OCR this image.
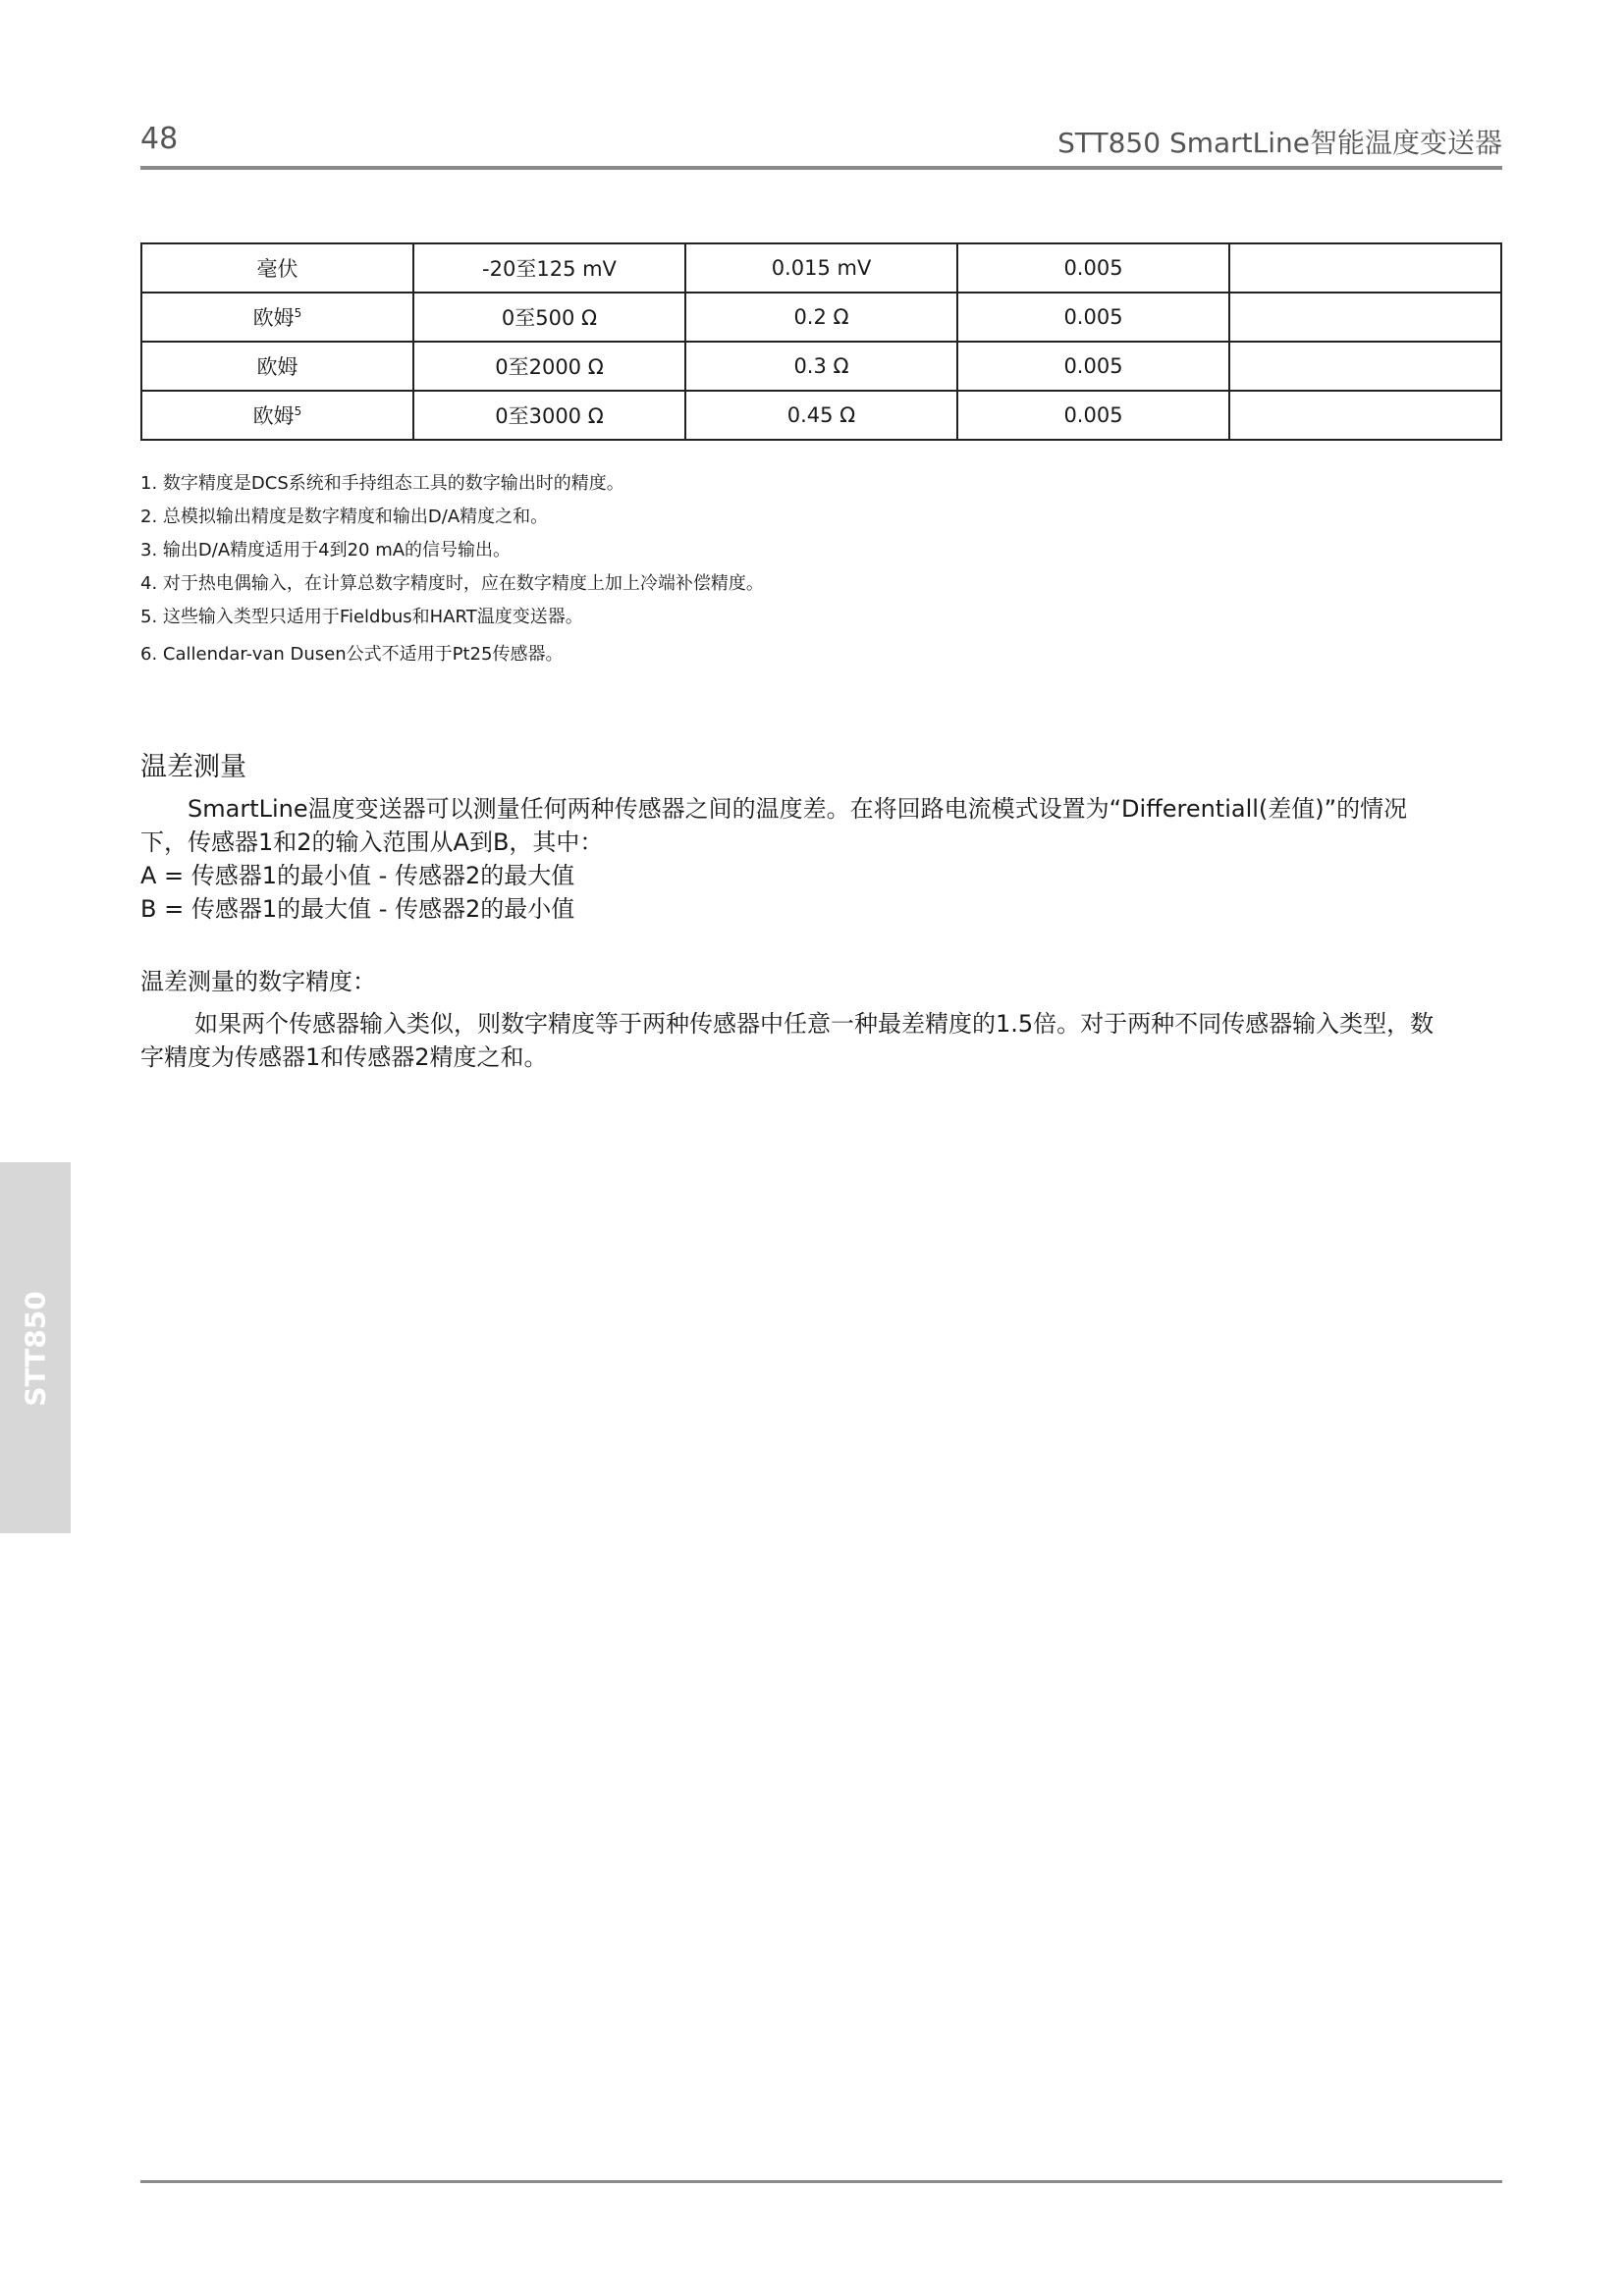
48	STT850 SmartLine智能温度变送器
毫伏	-20至125 mV	0.015 mV	0.005	
欧姆$^5$	0至500 Ω	0.2 Ω	0.005	
欧姆	0至2000 Ω	0.3 Ω	0.005	
欧姆$^5$	0至3000 Ω	0.45 Ω	0.005	
1. 数字精度是DCS系统和手持组态工具的数字输出时的精度。
2. 总模拟输出精度是数字精度和输出D/A精度之和。
3. 输出D/A精度适用于4到20 mA的信号输出。
4. 对于热电偶输入，在计算总数字精度时，应在数字精度上加上冷端补偿精度。
5. 这些输入类型只适用于Fieldbus和HART温度变送器。
6. Callendar-van Dusen公式不适用于Pt25传感器。
温差测量
SmartLine温度变送器可以测量任何两种传感器之间的温度差。在将回路电流模式设置为“Differentiall(差值)”的情况
下，传感器1和2的输入范围从A到B，其中：
A = 传感器1的最小值 - 传感器2的最大值
B = 传感器1的最大值 - 传感器2的最小值
温差测量的数字精度：
如果两个传感器输入类似，则数字精度等于两种传感器中任意一种最差精度的1.5倍。对于两种不同传感器输入类型，数
字精度为传感器1和传感器2精度之和。
STT850
